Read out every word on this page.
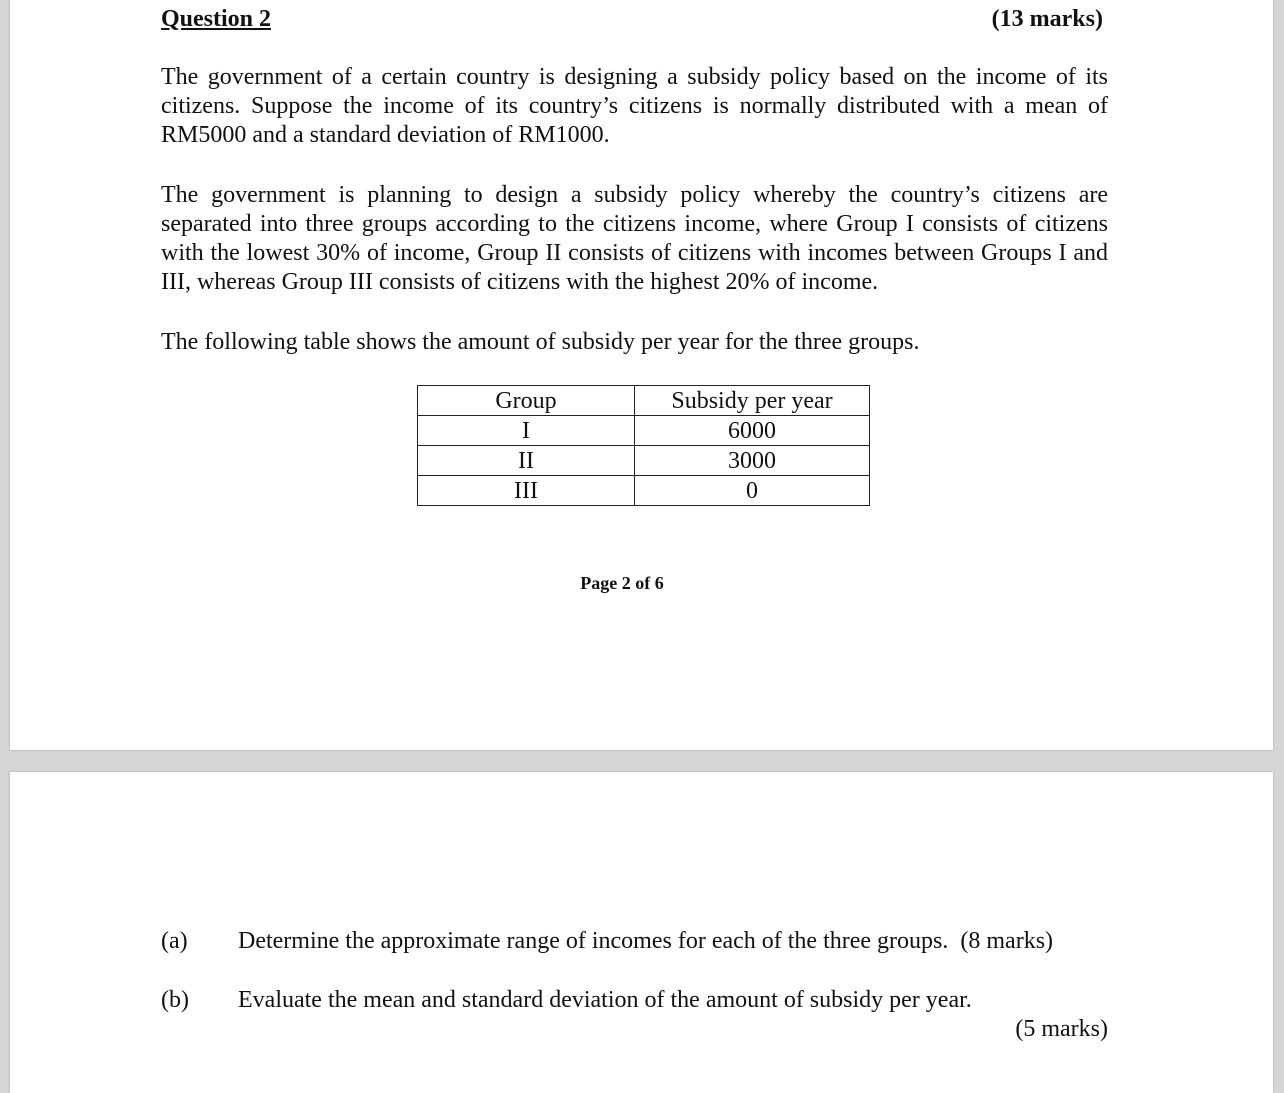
Question 2	(13 marks)

The government of a certain country is designing a subsidy policy based on the income of its citizens. Suppose the income of its country’s citizens is normally distributed with a mean of RM5000 and a standard deviation of RM1000.

The government is planning to design a subsidy policy whereby the country’s citizens are separated into three groups according to the citizens income, where Group I consists of citizens with the lowest 30% of income, Group II consists of citizens with incomes between Groups I and III, whereas Group III consists of citizens with the highest 20% of income.

The following table shows the amount of subsidy per year for the three groups.

Group	Subsidy per year
I	6000
II	3000
III	0
Page 2 of 6
(a) Determine the approximate range of incomes for each of the three groups. (8 marks)
(b) Evaluate the mean and standard deviation of the amount of subsidy per year.
(5 marks)
